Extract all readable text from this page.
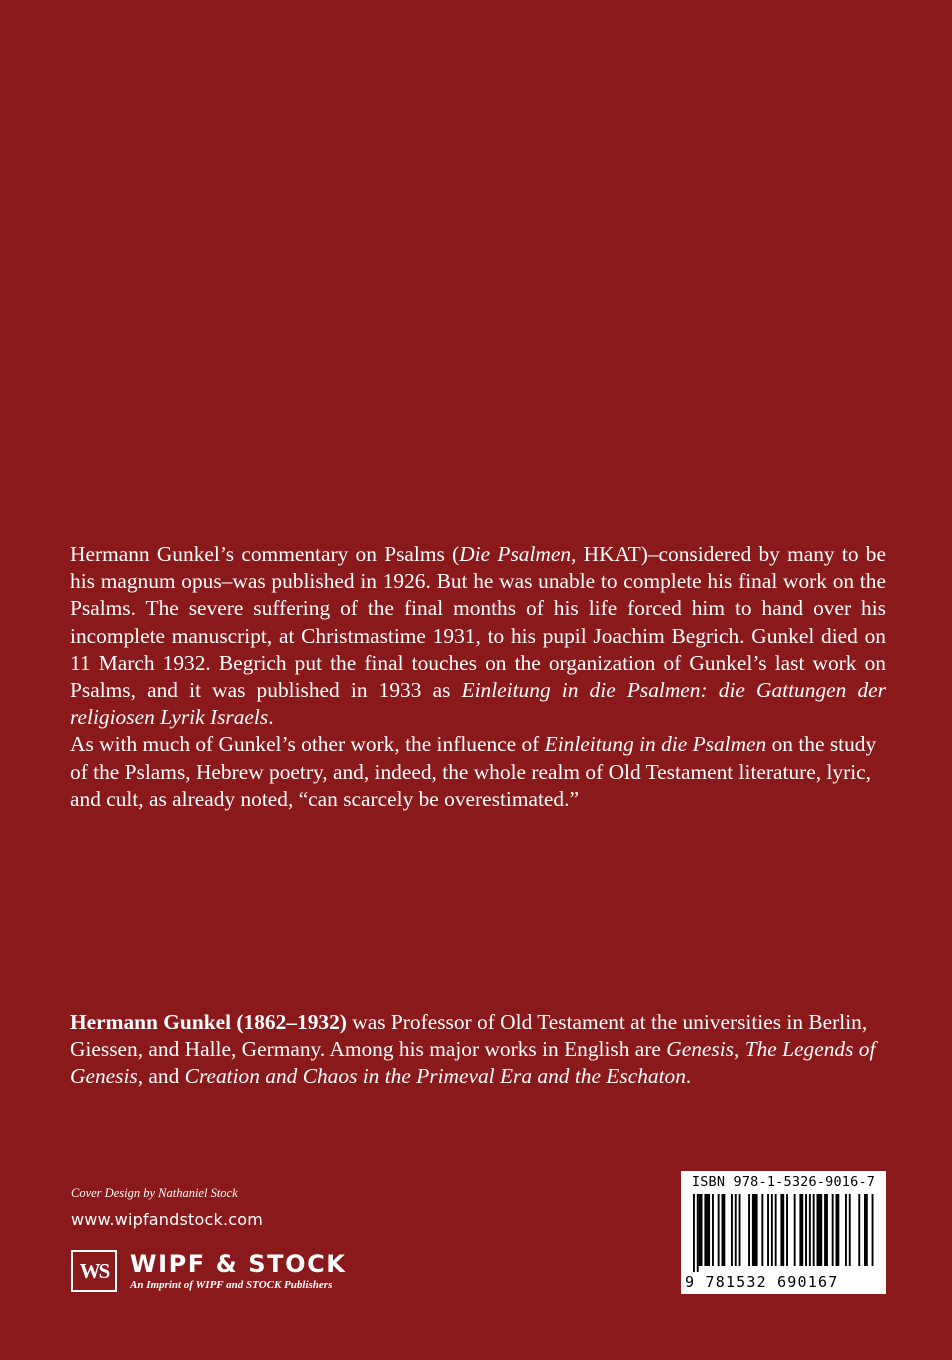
Hermann Gunkel’s commentary on Psalms (Die Psalmen, HKAT)–considered by many to be his magnum opus–was published in 1926. But he was unable to complete his final work on the Psalms. The severe suffering of the final months of his life forced him to hand over his incomplete manuscript, at Christmastime 1931, to his pupil Joachim Begrich. Gunkel died on 11 March 1932. Begrich put the final touches on the organization of Gunkel’s last work on Psalms, and it was published in 1933 as Einleitung in die Psalmen: die Gattungen der religiosen Lyrik Israels.

As with much of Gunkel’s other work, the influence of Einleitung in die Psalmen on the study of the Pslams, Hebrew poetry, and, indeed, the whole realm of Old Testament literature, lyric, and cult, as already noted, “can scarcely be overestimated.”

Hermann Gunkel (1862–1932) was Professor of Old Testament at the universities in Berlin, Giessen, and Halle, Germany. Among his major works in English are Genesis, The Legends of Genesis, and Creation and Chaos in the Primeval Era and the Eschaton.

Cover Design by Nathaniel Stock
www.wipfandstock.com
WS WIPF & STOCK
An Imprint of WIPF and STOCK Publishers
ISBN 978-1-5326-9016-7
9 781532 690167
